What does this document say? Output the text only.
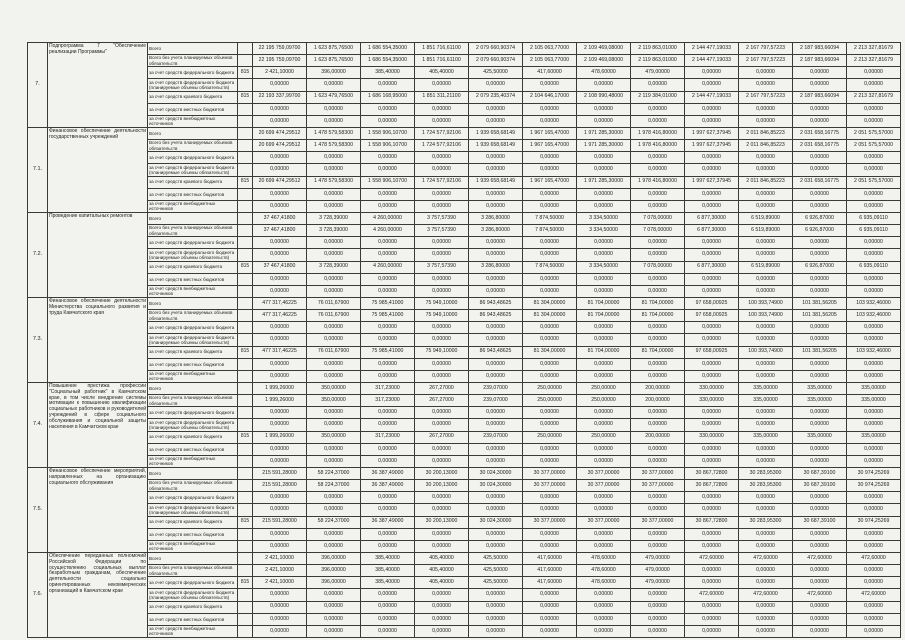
7.	Подпрограмма 7 "Обеспечение реализации Программы"	Всего		22 195 759,09700	1 623 875,76500	1 686 554,35000	1 851 716,61100	2 079 660,90374	2 105 063,77000	2 109 469,08000	2 119 863,01000	2 144 477,19033	2 167 797,57223	2 187 983,66094	2 213 327,81679

Всего без учета планируемых объемов обязательств		22 195 759,09700	1 623 875,76500	1 686 554,35000	1 851 716,61100	2 079 660,90374	2 105 063,77000	2 109 469,08000	2 119 863,01000	2 144 477,19033	2 167 797,57223	2 187 983,66094	2 213 327,81679

за счет средств федерального бюджета	815	2 421,10000	396,00000	385,40000	405,40000	425,50000	417,60000	478,60000	479,00000	0,00000	0,00000	0,00000	0,00000

за счет средств федерального бюджета (планируемые объемы обязательств)		0,00000	0,00000	0,00000	0,00000	0,00000	0,00000	0,00000	0,00000	0,00000	0,00000	0,00000	0,00000

за счет средств краевого бюджета	815	22 193 337,99700	1 623 479,76500	1 686 168,95000	1 851 311,21100	2 079 235,40374	2 104 646,17000	2 108 990,48000	2 119 384,01000	2 144 477,19033	2 167 797,57223	2 187 983,66094	2 213 327,81679

за счет средств местных бюджетов		0,00000	0,00000	0,00000	0,00000	0,00000	0,00000	0,00000	0,00000	0,00000	0,00000	0,00000	0,00000

за счет средств внебюджетных источников		0,00000	0,00000	0,00000	0,00000	0,00000	0,00000	0,00000	0,00000	0,00000	0,00000	0,00000	0,00000

7.1.	Финансовое обеспечение деятельности государственных учреждений	Всего		20 699 474,29512	1 478 579,58300	1 558 906,10700	1 724 577,92106	1 939 658,68149	1 967 165,47000	1 971 285,30000	1 978 416,80000	1 997 627,37945	2 011 846,85223	2 031 658,16775	2 051 575,57000

Всего без учета планируемых объемов обязательств		20 699 474,29512	1 478 579,58300	1 558 906,10700	1 724 577,92106	1 939 658,68149	1 967 165,47000	1 971 285,30000	1 978 416,80000	1 997 627,37945	2 011 846,85223	2 031 658,16775	2 051 575,57000

за счет средств федерального бюджета		0,00000	0,00000	0,00000	0,00000	0,00000	0,00000	0,00000	0,00000	0,00000	0,00000	0,00000	0,00000

за счет средств федерального бюджета (планируемые объемы обязательств)		0,00000	0,00000	0,00000	0,00000	0,00000	0,00000	0,00000	0,00000	0,00000	0,00000	0,00000	0,00000

за счет средств краевого бюджета	815	20 699 474,29512	1 478 579,58300	1 558 906,10700	1 724 577,92106	1 939 658,68149	1 967 165,47000	1 971 285,30000	1 978 416,80000	1 997 627,37945	2 011 846,85223	2 031 658,16775	2 051 575,57000

за счет средств местных бюджетов		0,00000	0,00000	0,00000	0,00000	0,00000	0,00000	0,00000	0,00000	0,00000	0,00000	0,00000	0,00000

за счет средств внебюджетных источников		0,00000	0,00000	0,00000	0,00000	0,00000	0,00000	0,00000	0,00000	0,00000	0,00000	0,00000	0,00000

7.2.	Проведение капитальных ремонтов	Всего		37 467,41800	3 728,39000	4 260,00000	3 757,57390	3 286,80000	7 874,50000	3 334,50000	7 078,00000	6 877,30000	6 519,89000	6 926,87000	6 935,09110

Всего без учета планируемых объемов обязательств		37 467,41800	3 728,39000	4 260,00000	3 757,57390	3 286,80000	7 874,50000	3 334,50000	7 078,00000	6 877,30000	6 519,89000	6 926,87000	6 935,09110

за счет средств федерального бюджета		0,00000	0,00000	0,00000	0,00000	0,00000	0,00000	0,00000	0,00000	0,00000	0,00000	0,00000	0,00000

за счет средств федерального бюджета (планируемые объемы обязательств)		0,00000	0,00000	0,00000	0,00000	0,00000	0,00000	0,00000	0,00000	0,00000	0,00000	0,00000	0,00000

за счет средств краевого бюджета	815	37 467,41800	3 728,39000	4 260,00000	3 757,57390	3 286,80000	7 874,50000	3 334,50000	7 078,00000	6 877,30000	6 519,89000	6 926,87000	6 935,09110

за счет средств местных бюджетов		0,00000	0,00000	0,00000	0,00000	0,00000	0,00000	0,00000	0,00000	0,00000	0,00000	0,00000	0,00000

за счет средств внебюджетных источников		0,00000	0,00000	0,00000	0,00000	0,00000	0,00000	0,00000	0,00000	0,00000	0,00000	0,00000	0,00000

7.3.	Финансовое обеспечение деятельности Министерства социального развития и труда Камчатского края	Всего		477 317,46225	76 011,67900	75 985,41000	75 949,10000	86 943,48625	81 304,00000	81 704,00000	81 704,00000	97 658,00925	100 393,74900	101 381,56205	103 932,46000

Всего без учета планируемых объемов обязательств		477 317,46225	76 011,67900	75 985,41000	75 949,10000	86 943,48625	81 304,00000	81 704,00000	81 704,00000	97 658,00925	100 393,74900	101 381,56205	103 932,46000

за счет средств федерального бюджета		0,00000	0,00000	0,00000	0,00000	0,00000	0,00000	0,00000	0,00000	0,00000	0,00000	0,00000	0,00000

за счет средств федерального бюджета (планируемые объемы обязательств)		0,00000	0,00000	0,00000	0,00000	0,00000	0,00000	0,00000	0,00000	0,00000	0,00000	0,00000	0,00000

за счет средств краевого бюджета	815	477 317,46225	76 011,67900	75 985,41000	75 949,10000	86 943,48625	81 304,00000	81 704,00000	81 704,00000	97 658,00925	100 393,74900	101 381,56205	103 932,46000

за счет средств местных бюджетов		0,00000	0,00000	0,00000	0,00000	0,00000	0,00000	0,00000	0,00000	0,00000	0,00000	0,00000	0,00000

за счет средств внебюджетных источников		0,00000	0,00000	0,00000	0,00000	0,00000	0,00000	0,00000	0,00000	0,00000	0,00000	0,00000	0,00000

7.4.	Повышение престижа профессии "Социальный работник" в Камчатском крае, в том числе внедрение системы мотивации к повышению квалификации социальных работников и руководителей учреждений в сфере социального обслуживания и социальной защиты населения в Камчатском крае	Всего		1 999,26000	350,00000	317,23000	267,27000	239,07000	250,00000	250,00000	200,00000	330,00000	335,00000	335,00000	335,00000

Всего без учета планируемых объемов обязательств		1 999,26000	350,00000	317,23000	267,27000	239,07000	250,00000	250,00000	200,00000	330,00000	335,00000	335,00000	335,00000

за счет средств федерального бюджета		0,00000	0,00000	0,00000	0,00000	0,00000	0,00000	0,00000	0,00000	0,00000	0,00000	0,00000	0,00000

за счет средств федерального бюджета (планируемые объемы обязательств)		0,00000	0,00000	0,00000	0,00000	0,00000	0,00000	0,00000	0,00000	0,00000	0,00000	0,00000	0,00000

за счет средств краевого бюджета	815	1 999,26000	350,00000	317,23000	267,27000	239,07000	250,00000	250,00000	200,00000	330,00000	335,00000	335,00000	335,00000

за счет средств местных бюджетов		0,00000	0,00000	0,00000	0,00000	0,00000	0,00000	0,00000	0,00000	0,00000	0,00000	0,00000	0,00000

за счет средств внебюджетных источников		0,00000	0,00000	0,00000	0,00000	0,00000	0,00000	0,00000	0,00000	0,00000	0,00000	0,00000	0,00000

7.5.	Финансовое обеспечение мероприятий, направленных на организацию социального обслуживания	Всего		215 591,28000	58 224,37000	36 387,49000	30 200,13000	30 024,30000	30 377,00000	30 377,00000	30 377,00000	30 867,72800	30 283,95300	30 687,39100	30 974,25269

Всего без учета планируемых объемов обязательств		215 591,28000	58 224,37000	36 387,49000	30 200,13000	30 024,30000	30 377,00000	30 377,00000	30 377,00000	30 867,72800	30 283,95300	30 687,39100	30 974,25269

за счет средств федерального бюджета		0,00000	0,00000	0,00000	0,00000	0,00000	0,00000	0,00000	0,00000	0,00000	0,00000	0,00000	0,00000

за счет средств федерального бюджета (планируемые объемы обязательств)		0,00000	0,00000	0,00000	0,00000	0,00000	0,00000	0,00000	0,00000	0,00000	0,00000	0,00000	0,00000

за счет средств краевого бюджета	815	215 591,28000	58 224,37000	36 387,49000	30 200,13000	30 024,30000	30 377,00000	30 377,00000	30 377,00000	30 867,72800	30 283,95300	30 687,39100	30 974,25269

за счет средств местных бюджетов		0,00000	0,00000	0,00000	0,00000	0,00000	0,00000	0,00000	0,00000	0,00000	0,00000	0,00000	0,00000

за счет средств внебюджетных источников		0,00000	0,00000	0,00000	0,00000	0,00000	0,00000	0,00000	0,00000	0,00000	0,00000	0,00000	0,00000

7.6.	Обеспечение переданных полномочий Российской Федерации по осуществлению социальных выплат безработным гражданам, обеспечение деятельности социально ориентированных некоммерческих организаций в Камчатском крае	Всего		2 421,10000	396,00000	385,40000	405,40000	425,50000	417,60000	478,60000	479,00000	472,60000	472,60000	472,60000	472,60000

Всего без учета планируемых объемов обязательств		2 421,10000	396,00000	385,40000	405,40000	425,50000	417,60000	478,60000	479,00000	0,00000	0,00000	0,00000	0,00000

за счет средств федерального бюджета	815	2 421,10000	396,00000	385,40000	405,40000	425,50000	417,60000	478,60000	479,00000	0,00000	0,00000	0,00000	0,00000

за счет средств федерального бюджета (планируемые объемы обязательств)		0,00000	0,00000	0,00000	0,00000	0,00000	0,00000	0,00000	0,00000	472,60000	472,60000	472,60000	472,60000

за счет средств краевого бюджета		0,00000	0,00000	0,00000	0,00000	0,00000	0,00000	0,00000	0,00000	0,00000	0,00000	0,00000	0,00000

за счет средств местных бюджетов		0,00000	0,00000	0,00000	0,00000	0,00000	0,00000	0,00000	0,00000	0,00000	0,00000	0,00000	0,00000

за счет средств внебюджетных источников		0,00000	0,00000	0,00000	0,00000	0,00000	0,00000	0,00000	0,00000	0,00000	0,00000	0,00000	0,00000
